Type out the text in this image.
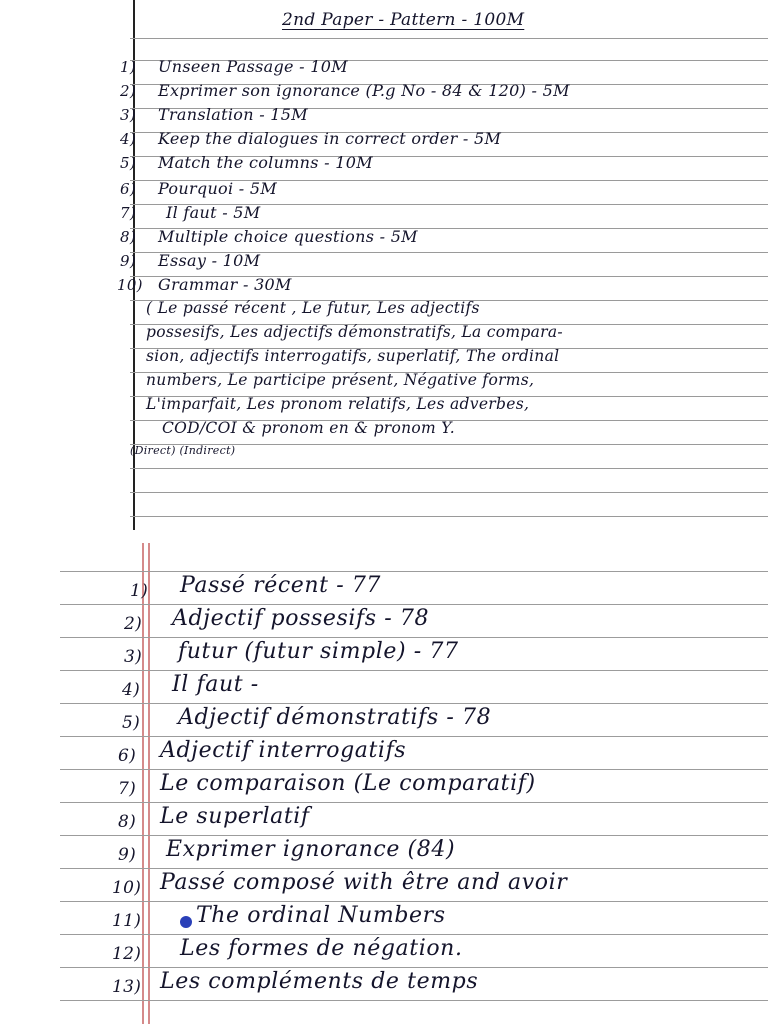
2nd Paper - Pattern - 100M
1) Unseen Passage - 10M
2) Exprimer son ignorance (P.g No - 84 & 120) - 5M
3) Translation - 15M
4) Keep the dialogues in correct order - 5M
5) Match the columns - 10M
6) Pourquoi - 5M
7) Il faut - 5M
8) Multiple choice questions - 5M
9) Essay - 10M
10) Grammar - 30M
( Le passé récent , Le futur, Les adjectifs
possesifs, Les adjectifs démonstratifs, La compara-
sion, adjectifs interrogatifs, superlatif, The ordinal
numbers, Le participe présent, Négative forms,
L'imparfait, Les pronom relatifs, Les adverbes,
COD/COI & pronom en & pronom Y.
(Direct) (Indirect)
1) Passé récent - 77
2) Adjectif possesifs - 78
3) futur (futur simple) - 77
4) Il faut -
5) Adjectif démonstratifs - 78
6) Adjectif interrogatifs
7) Le comparaison (Le comparatif)
8) Le superlatif
9) Exprimer ignorance (84)
10) Passé composé with être and avoir
11) The ordinal Numbers
12) Les formes de négation.
13) Les compléments de temps
